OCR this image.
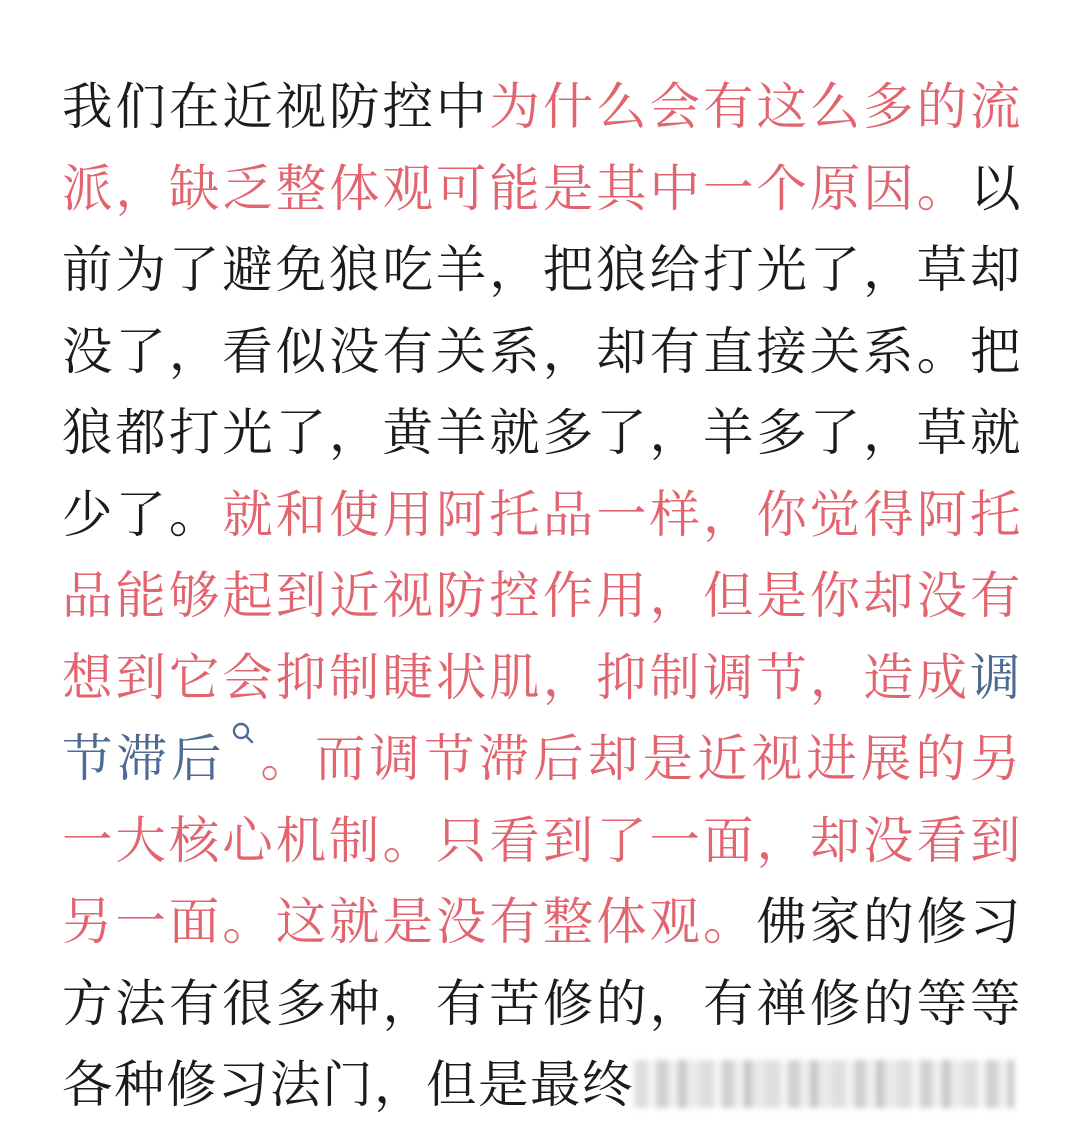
我们在近视防控中为什么会有这么多的流派，缺乏整体观可能是其中一个原因。以前为了避免狼吃羊，把狼给打光了，草却没了，看似没有关系，却有直接关系。把狼都打光了，黄羊就多了，羊多了，草就少了。就和使用阿托品一样，你觉得阿托品能够起到近视防控作用，但是你却没有想到它会抑制睫状肌，抑制调节，造成调节滞后 。而调节滞后却是近视进展的另一大核心机制。只看到了一面，却没看到另一面。这就是没有整体观。佛家的修习方法有很多种，有苦修的，有禅修的等等各种修习法门，但是最终
